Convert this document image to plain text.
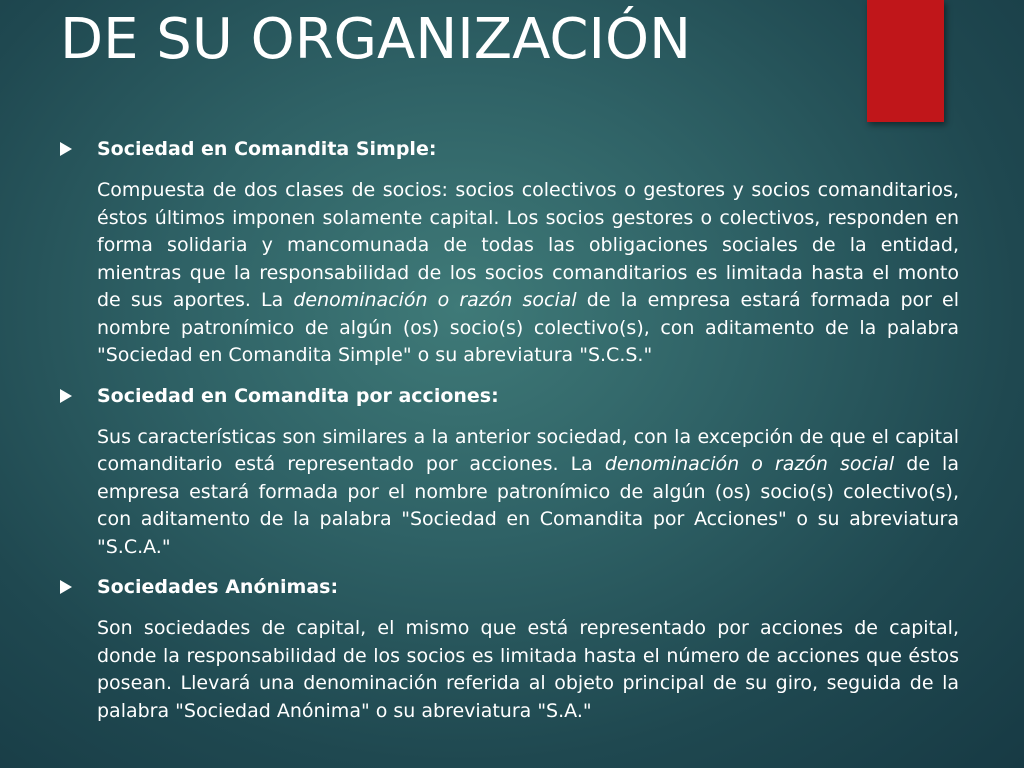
DE SU ORGANIZACIÓN
Sociedad en Comandita Simple:

Compuesta de dos clases de socios: socios colectivos o gestores y socios comanditarios, éstos últimos imponen solamente capital. Los socios gestores o colectivos, responden en forma solidaria y mancomunada de todas las obligaciones sociales de la entidad, mientras que la responsabilidad de los socios comanditarios es limitada hasta el monto de sus aportes. La denominación o razón social de la empresa estará formada por el nombre patronímico de algún (os) socio(s) colectivo(s), con aditamento de la palabra "Sociedad en Comandita Simple" o su abreviatura "S.C.S."

Sociedad en Comandita por acciones:

Sus características son similares a la anterior sociedad, con la excepción de que el capital comanditario está representado por acciones. La denominación o razón social de la empresa estará formada por el nombre patronímico de algún (os) socio(s) colectivo(s), con aditamento de la palabra "Sociedad en Comandita por Acciones" o su abreviatura "S.C.A."

Sociedades Anónimas:

Son sociedades de capital, el mismo que está representado por acciones de capital, donde la responsabilidad de los socios es limitada hasta el número de acciones que éstos posean. Llevará una denominación referida al objeto principal de su giro, seguida de la palabra "Sociedad Anónima" o su abreviatura "S.A."
